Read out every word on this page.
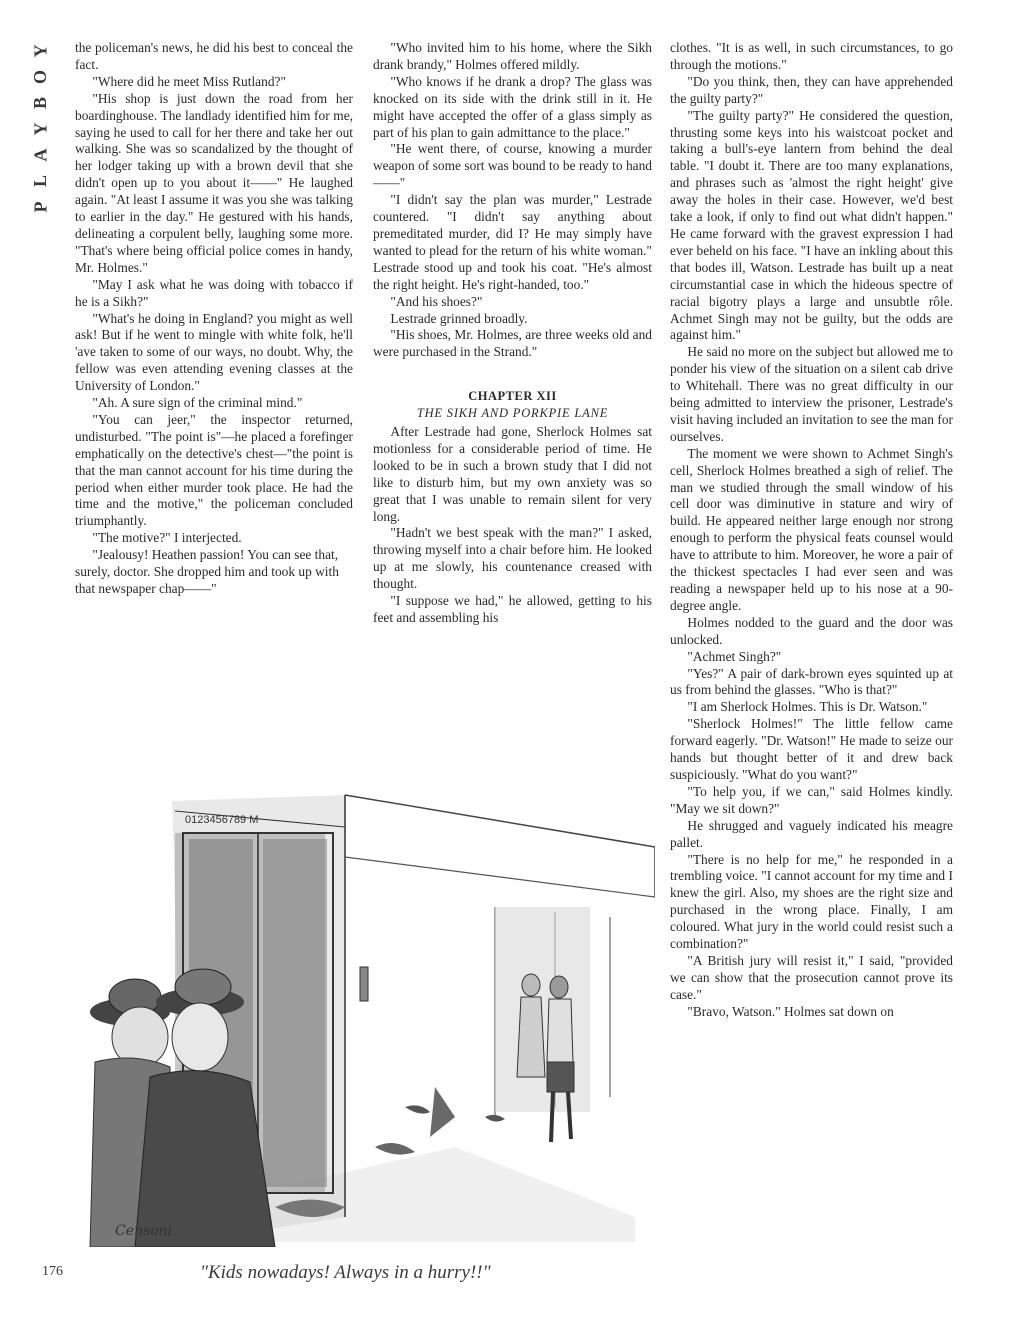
Y
O
B
Y
A
L
P

the policeman's news, he did his best to conceal the fact.

"Where did he meet Miss Rutland?"

"His shop is just down the road from her boardinghouse. The landlady identified him for me, saying he used to call for her there and take her out walking. She was so scandalized by the thought of her lodger taking up with a brown devil that she didn't open up to you about it——" He laughed again. "At least I assume it was you she was talking to earlier in the day." He gestured with his hands, delineating a corpulent belly, laughing some more. "That's where being official police comes in handy, Mr. Holmes."

"May I ask what he was doing with tobacco if he is a Sikh?"

"What's he doing in England? you might as well ask! But if he went to mingle with white folk, he'll 'ave taken to some of our ways, no doubt. Why, the fellow was even attending evening classes at the University of London."

"Ah. A sure sign of the criminal mind."

"You can jeer," the inspector returned, undisturbed. "The point is"—he placed a forefinger emphatically on the detective's chest—"the point is that the man cannot account for his time during the period when either murder took place. He had the time and the motive," the policeman concluded triumphantly.

"The motive?" I interjected.

"Jealousy! Heathen passion! You can see that, surely, doctor. She dropped him and took up with that newspaper chap——"

"Who invited him to his home, where the Sikh drank brandy," Holmes offered mildly.

"Who knows if he drank a drop? The glass was knocked on its side with the drink still in it. He might have accepted the offer of a glass simply as part of his plan to gain admittance to the place."

"He went there, of course, knowing a murder weapon of some sort was bound to be ready to hand——"

"I didn't say the plan was murder," Lestrade countered. "I didn't say anything about premeditated murder, did I? He may simply have wanted to plead for the return of his white woman." Lestrade stood up and took his coat. "He's almost the right height. He's right-handed, too."

"And his shoes?"

Lestrade grinned broadly.

"His shoes, Mr. Holmes, are three weeks old and were purchased in the Strand."

CHAPTER XII
THE SIKH AND PORKPIE LANE

After Lestrade had gone, Sherlock Holmes sat motionless for a considerable period of time. He looked to be in such a brown study that I did not like to disturb him, but my own anxiety was so great that I was unable to remain silent for very long.

"Hadn't we best speak with the man?" I asked, throwing myself into a chair before him. He looked up at me slowly, his countenance creased with thought.

"I suppose we had," he allowed, getting to his feet and assembling his

clothes. "It is as well, in such circumstances, to go through the motions."

"Do you think, then, they can have apprehended the guilty party?"

"The guilty party?" He considered the question, thrusting some keys into his waistcoat pocket and taking a bull's-eye lantern from behind the deal table. "I doubt it. There are too many explanations, and phrases such as 'almost the right height' give away the holes in their case. However, we'd best take a look, if only to find out what didn't happen." He came forward with the gravest expression I had ever beheld on his face. "I have an inkling about this that bodes ill, Watson. Lestrade has built up a neat circumstantial case in which the hideous spectre of racial bigotry plays a large and unsubtle rôle. Achmet Singh may not be guilty, but the odds are against him."

He said no more on the subject but allowed me to ponder his view of the situation on a silent cab drive to Whitehall. There was no great difficulty in our being admitted to interview the prisoner, Lestrade's visit having included an invitation to see the man for ourselves.

The moment we were shown to Achmet Singh's cell, Sherlock Holmes breathed a sigh of relief. The man we studied through the small window of his cell door was diminutive in stature and wiry of build. He appeared neither large enough nor strong enough to perform the physical feats counsel would have to attribute to him. Moreover, he wore a pair of the thickest spectacles I had ever seen and was reading a newspaper held up to his nose at a 90-degree angle.

Holmes nodded to the guard and the door was unlocked.

"Achmet Singh?"

"Yes?" A pair of dark-brown eyes squinted up at us from behind the glasses. "Who is that?"

"I am Sherlock Holmes. This is Dr. Watson."

"Sherlock Holmes!" The little fellow came forward eagerly. "Dr. Watson!" He made to seize our hands but thought better of it and drew back suspiciously. "What do you want?"

"To help you, if we can," said Holmes kindly. "May we sit down?"

He shrugged and vaguely indicated his meagre pallet.

"There is no help for me," he responded in a trembling voice. "I cannot account for my time and I knew the girl. Also, my shoes are the right size and purchased in the wrong place. Finally, I am coloured. What jury in the world could resist such a combination?"

"A British jury will resist it," I said, "provided we can show that the prosecution cannot prove its case."

"Bravo, Watson." Holmes sat down on

0123456789 M
Censoni
"Kids nowadays! Always in a hurry!!"
176
